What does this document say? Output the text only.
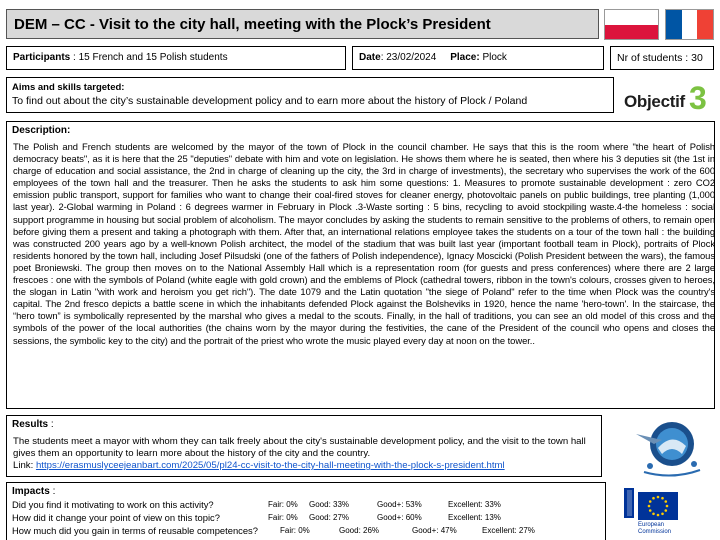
DEM – CC - Visit to the city hall, meeting with the Plock’s President
Participants : 15 French and 15 Polish students	Date: 23/02/2024 Place: Plock	Nr of students : 30
Aims and skills targeted:
To find out about the city’s sustainable development policy and to earn more about the history of Plock / Poland	Objectif 3
Description:
The Polish and French students are welcomed by the mayor of the town of Plock in the council chamber. He says that this is the room where "the heart of Polish democracy beats", as it is here that the 25 "deputies" debate with him and vote on legislation. He shows them where he is seated, then where his 3 deputies sit (the 1st in charge of education and social assistance, the 2nd in charge of cleaning up the city, the 3rd in charge of investments), the secretary who supervises the work of the 600 employees of the town hall and the treasurer. Then he asks the students to ask him some questions: 1. Measures to promote sustainable development : zero CO2 emission public transport, support for families who want to change their coal-fired stoves for cleaner energy, photovoltaic panels on public buildings, tree planting (1,000 last year). 2-Global warming in Poland : 6 degrees warmer in February in Plock .3-Waste sorting : 5 bins, recycling to avoid stockpiling waste.4-the homeless : social support programme in housing but social problem of alcoholism. The mayor concludes by asking the students to remain sensitive to the problems of others, to remain open before giving them a present and taking a photograph with them. After that, an international relations employee takes the students on a tour of the town hall : the building was constructed 200 years ago by a well-known Polish architect, the model of the stadium that was built last year (important football team in Plock), portraits of Plock residents honored by the town hall, including Josef Pilsudski (one of the fathers of Polish independence), Ignacy Moscicki (Polish President between the wars), the famous poet Broniewski. The group then moves on to the National Assembly Hall which is a representation room (for guests and press conferences) where there are 2 large frescoes : one with the symbols of Poland (white eagle with gold crown) and the emblems of Plock (cathedral towers, ribbon in the town's colours, crosses given to heroes, the slogan in Latin "with work and heroism you get rich"). The date 1079 and the Latin quotation "the siege of Poland" refer to the time when Plock was the country's capital. The 2nd fresco depicts a battle scene in which the inhabitants defended Plock against the Bolsheviks in 1920, hence the name 'hero-town'. In the staircase, the “hero town” is symbolically represented by the marshal who gives a medal to the scouts. Finally, in the hall of traditions, you can see an old model of this cross and the symbols of the power of the local authorities (the chains worn by the mayor during the festivities, the cane of the President of the council who opens and closes the sessions, the symbolic key to the city) and the portrait of the priest who wrote the music played every day at noon on the tower..
Results :
The students meet a mayor with whom they can talk freely about the city's sustainable development policy, and the visit to the town hall gives them an opportunity to learn more about the history of the city and the country.
Link: https://erasmuslyceejeanbart.com/2025/05/pl24-cc-visit-to-the-city-hall-meeting-with-the-plock-s-president.html
Impacts :
Did you find it motivating to work on this activity?	Fair: 0% Good: 33%	Good+: 53%	Excellent: 33%
How did it change your point of view on this topic?	Fair: 0% Good: 27%	Good+: 60%	Excellent: 13%
How much did you gain in terms of reusable competences?	Fair: 0%	Good: 26%	Good+: 47%	Excellent: 27%
European
Commission
